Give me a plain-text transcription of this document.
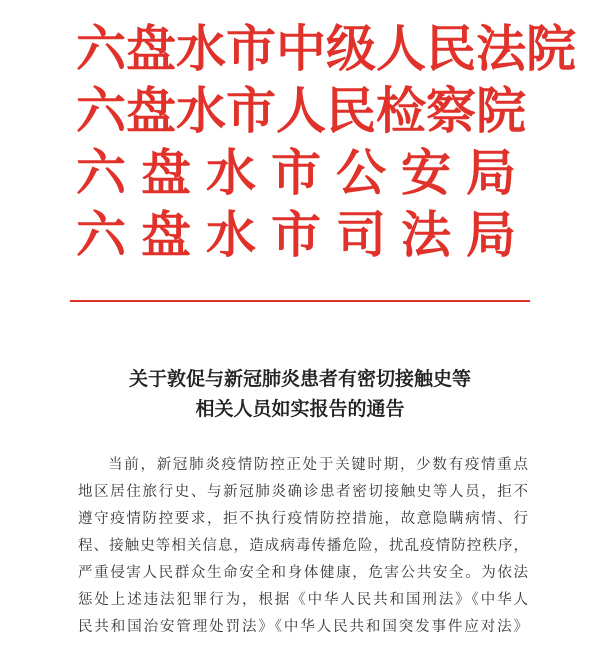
六 盘 水 市 中 级 人 民 法 院
六 盘 水 市 人 民 检 察 院
六 盘 水 市 公 安 局
六 盘 水 市 司 法 局
关于敦促与新冠肺炎患者有密切接触史等
相关人员如实报告的通告
当前，新冠肺炎疫情防控正处于关键时期，少数有疫情重点
地区居住旅行史、与新冠肺炎确诊患者密切接触史等人员，拒不
遵守疫情防控要求，拒不执行疫情防控措施，故意隐瞒病情、行
程、接触史等相关信息，造成病毒传播危险，扰乱疫情防控秩序，
严重侵害人民群众生命安全和身体健康，危害公共安全。为依法
惩处上述违法犯罪行为，根据《中华人民共和国刑法》《中华人
民共和国治安管理处罚法》《中华人民共和国突发事件应对法》
